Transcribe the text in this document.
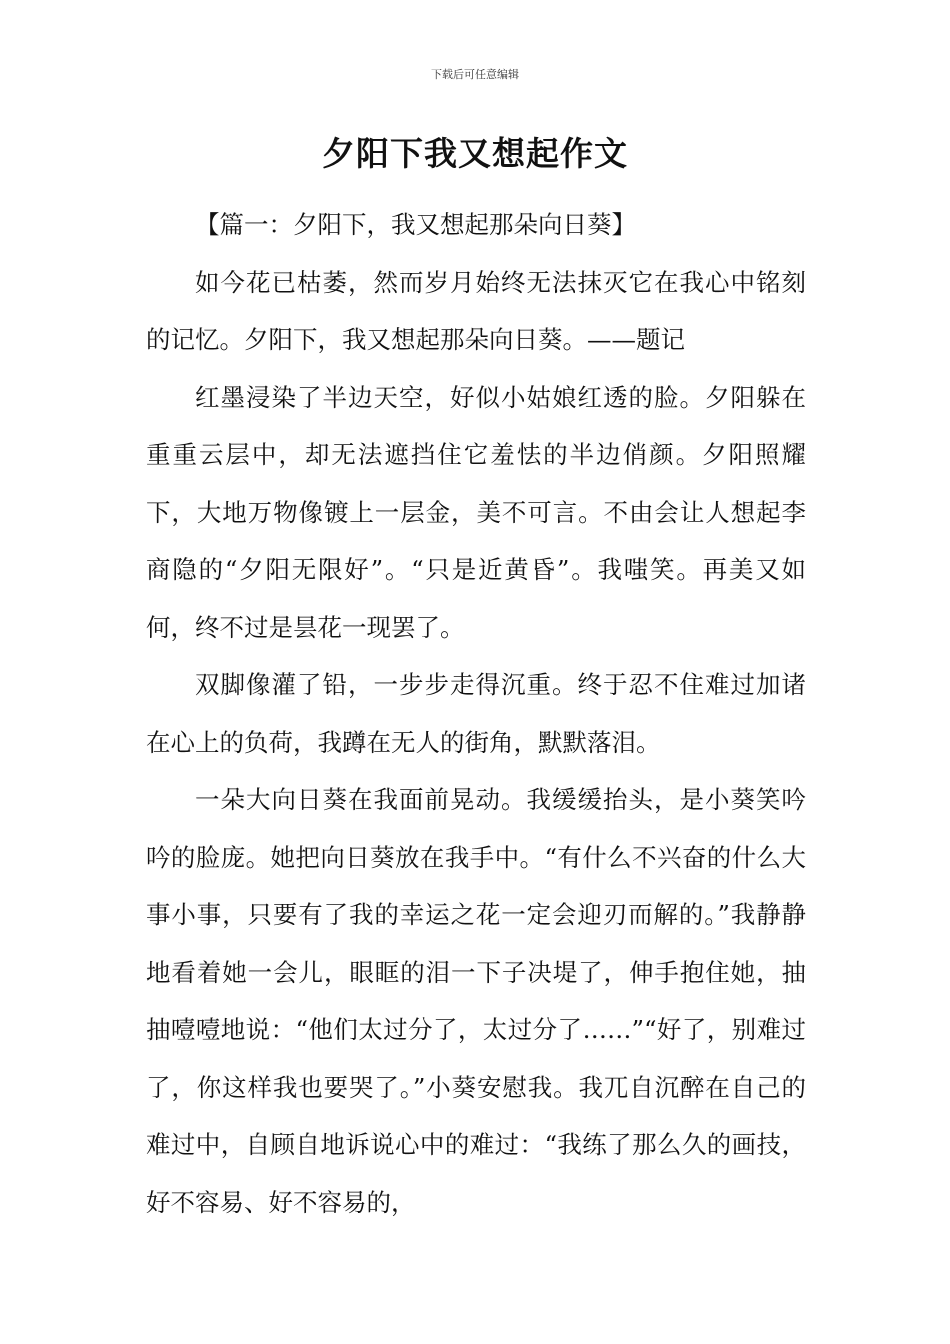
下载后可任意编辑
夕阳下我又想起作文

【篇一：夕阳下，我又想起那朵向日葵】

如今花已枯萎，然而岁月始终无法抹灭它在我心中铭刻的记忆。夕阳下，我又想起那朵向日葵。——题记

红墨浸染了半边天空，好似小姑娘红透的脸。夕阳躲在重重云层中，却无法遮挡住它羞怯的半边俏颜。夕阳照耀下，大地万物像镀上一层金，美不可言。不由会让人想起李商隐的“夕阳无限好”。“只是近黄昏”。我嗤笑。再美又如何，终不过是昙花一现罢了。

双脚像灌了铅，一步步走得沉重。终于忍不住难过加诸在心上的负荷，我蹲在无人的街角，默默落泪。

一朵大向日葵在我面前晃动。我缓缓抬头，是小葵笑吟吟的脸庞。她把向日葵放在我手中。“有什么不兴奋的什么大事小事，只要有了我的幸运之花一定会迎刃而解的。”我静静地看着她一会儿，眼眶的泪一下子决堤了，伸手抱住她，抽抽噎噎地说：“他们太过分了，太过分了……”“好了，别难过了，你这样我也要哭了。”小葵安慰我。我兀自沉醉在自己的难过中，自顾自地诉说心中的难过：“我练了那么久的画技，好不容易、好不容易的，
